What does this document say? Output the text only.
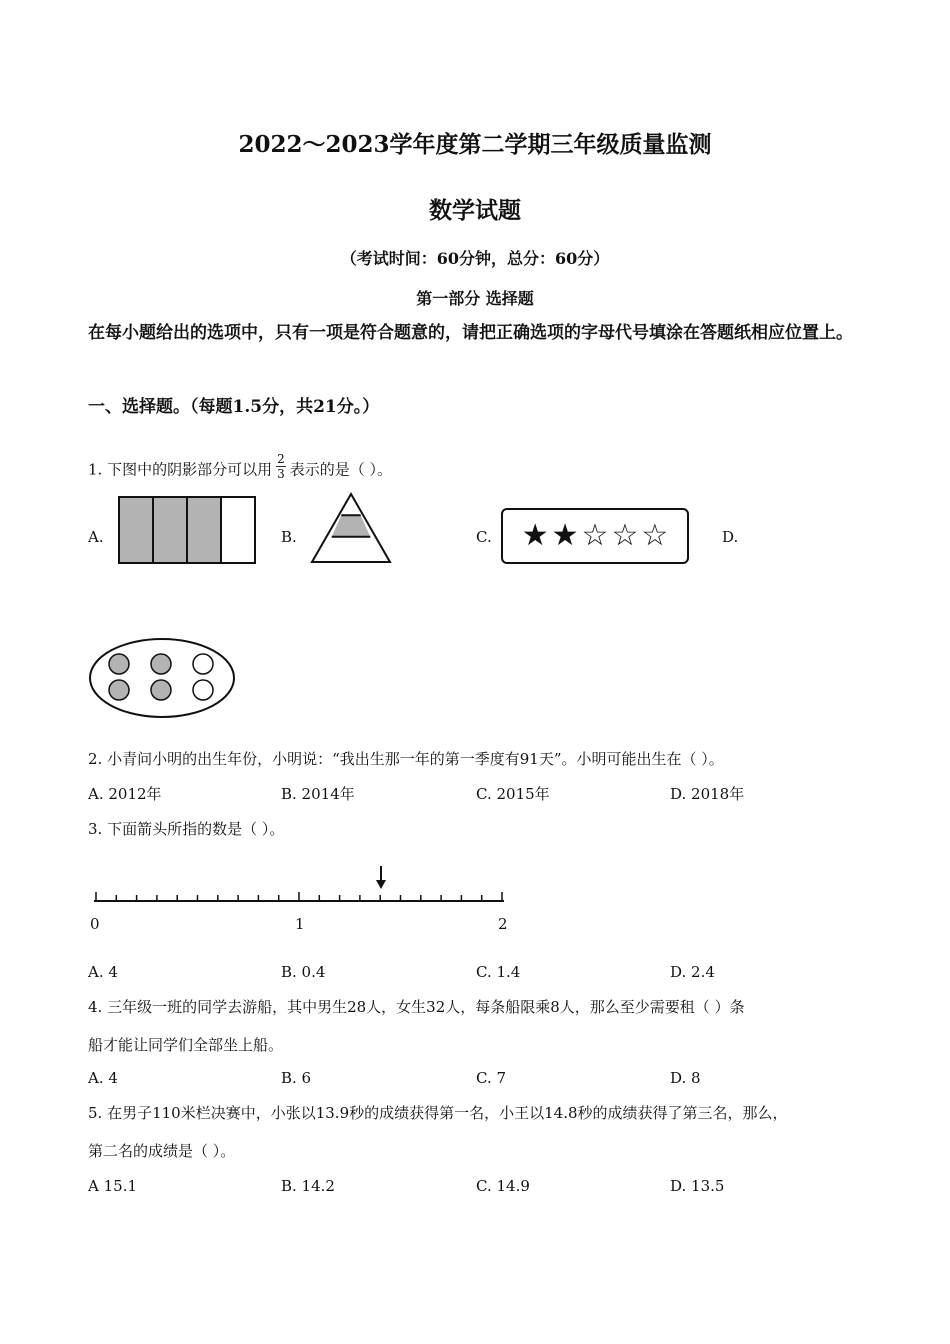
2022～2023学年度第二学期三年级质量监测
数学试题
（考试时间：60分钟，总分：60分）
第一部分 选择题
在每小题给出的选项中，只有一项是符合题意的，请把正确选项的字母代号填涂在答题纸相应位置上。
一、选择题。（每题1.5分，共21分。）
1. 下图中的阴影部分可以用 $\frac{2}{3}$ 表示的是（ ）。
A.	B.	C.	D.
★ ★ ☆ ☆ ☆
2. 小青问小明的出生年份，小明说：“我出生那一年的第一季度有91天”。小明可能出生在（ ）。
A. 2012年	B. 2014年	C. 2015年	D. 2018年
3. 下面箭头所指的数是（ ）。
0	1	2
A. 4	B. 0.4	C. 1.4	D. 2.4
4. 三年级一班的同学去游船，其中男生28人，女生32人，每条船限乘8人，那么至少需要租（ ）条
船才能让同学们全部坐上船。
A. 4	B. 6	C. 7	D. 8
5. 在男子110米栏决赛中，小张以13.9秒的成绩获得第一名，小王以14.8秒的成绩获得了第三名，那么，
第二名的成绩是（ ）。
A 15.1	B. 14.2	C. 14.9	D. 13.5
